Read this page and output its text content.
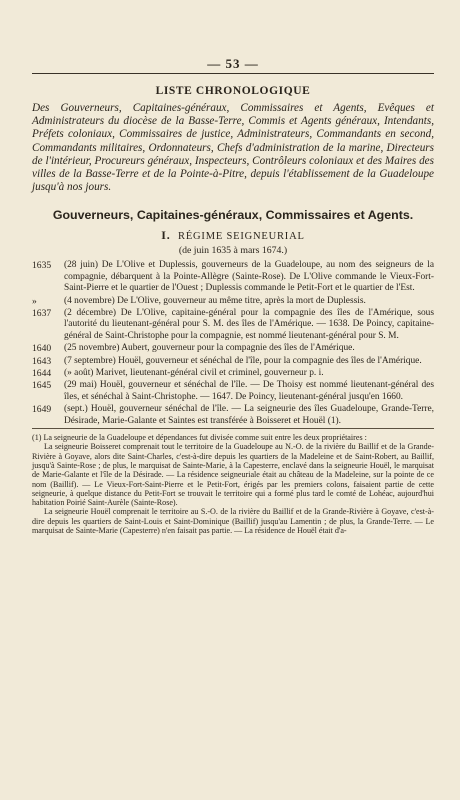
— 53 —
LISTE CHRONOLOGIQUE

Des Gouverneurs, Capitaines-généraux, Commissaires et Agents, Evêques et Administrateurs du diocèse de la Basse-Terre, Commis et Agents généraux, Intendants, Préfets coloniaux, Commissaires de justice, Administrateurs, Commandants en second, Commandants militaires, Ordonnateurs, Chefs d'administration de la marine, Directeurs de l'intérieur, Procureurs généraux, Inspecteurs, Contrôleurs coloniaux et des Maires des villes de la Basse-Terre et de la Pointe-à-Pitre, depuis l'établissement de la Guadeloupe jusqu'à nos jours.

Gouverneurs, Capitaines-généraux, Commissaires et Agents.
I. RÉGIME SEIGNEURIAL
(de juin 1635 à mars 1674.)
1635	(28 juin) De L'Olive et Duplessis, gouverneurs de la Guadeloupe, au nom des seigneurs de la compagnie, débarquent à la Pointe-Allègre (Sainte-Rose). De L'Olive commande le Vieux-Fort-Saint-Pierre et le quartier de l'Ouest ; Duplessis commande le Petit-Fort et le quartier de l'Est.
»	(4 novembre) De L'Olive, gouverneur au même titre, après la mort de Duplessis.
1637	(2 décembre) De L'Olive, capitaine-général pour la compagnie des îles de l'Amérique, sous l'autorité du lieutenant-général pour S. M. des îles de l'Amérique. — 1638. De Poincy, capitaine-général de Saint-Christophe pour la compagnie, est nommé lieutenant-général pour S. M.
1640	(25 novembre) Aubert, gouverneur pour la compagnie des îles de l'Amérique.
1643	(7 septembre) Houël, gouverneur et sénéchal de l'île, pour la compagnie des îles de l'Amérique.
1644	(» août) Marivet, lieutenant-général civil et criminel, gouverneur p. i.
1645	(29 mai) Houël, gouverneur et sénéchal de l'île. — De Thoisy est nommé lieutenant-général des îles, et sénéchal à Saint-Christophe. — 1647. De Poincy, lieutenant-général jusqu'en 1660.
1649	(sept.) Houël, gouverneur sénéchal de l'île. — La seigneurie des îles Guadeloupe, Grande-Terre, Désirade, Marie-Galante et Saintes est transférée à Boisseret et Houël (1).

(1) La seigneurie de la Guadeloupe et dépendances fut divisée comme suit entre les deux propriétaires :

La seigneurie Boisseret comprenait tout le territoire de la Guadeloupe au N.-O. de la rivière du Baillif et de la Grande-Rivière à Goyave, alors dite Saint-Charles, c'est-à-dire depuis les quartiers de la Madeleine et de Saint-Robert, au Baillif, jusqu'à Sainte-Rose ; de plus, le marquisat de Sainte-Marie, à la Capesterre, enclavé dans la seigneurie Houël, le marquisat de Marie-Galante et l'île de la Désirade. — La résidence seigneuriale était au château de la Madeleine, sur la pointe de ce nom (Baillif). — Le Vieux-Fort-Saint-Pierre et le Petit-Fort, érigés par les premiers colons, faisaient partie de cette seigneurie, à quelque distance du Petit-Fort se trouvait le territoire qui a formé plus tard le comté de Lohéac, aujourd'hui habitation Poirié Saint-Aurèle (Sainte-Rose).

La seigneurie Houël comprenait le territoire au S.-O. de la rivière du Baillif et de la Grande-Rivière à Goyave, c'est-à-dire depuis les quartiers de Saint-Louis et Saint-Dominique (Baillif) jusqu'au Lamentin ; de plus, la Grande-Terre. — Le marquisat de Sainte-Marie (Capesterre) n'en faisait pas partie. — La résidence de Houël était d'a-
